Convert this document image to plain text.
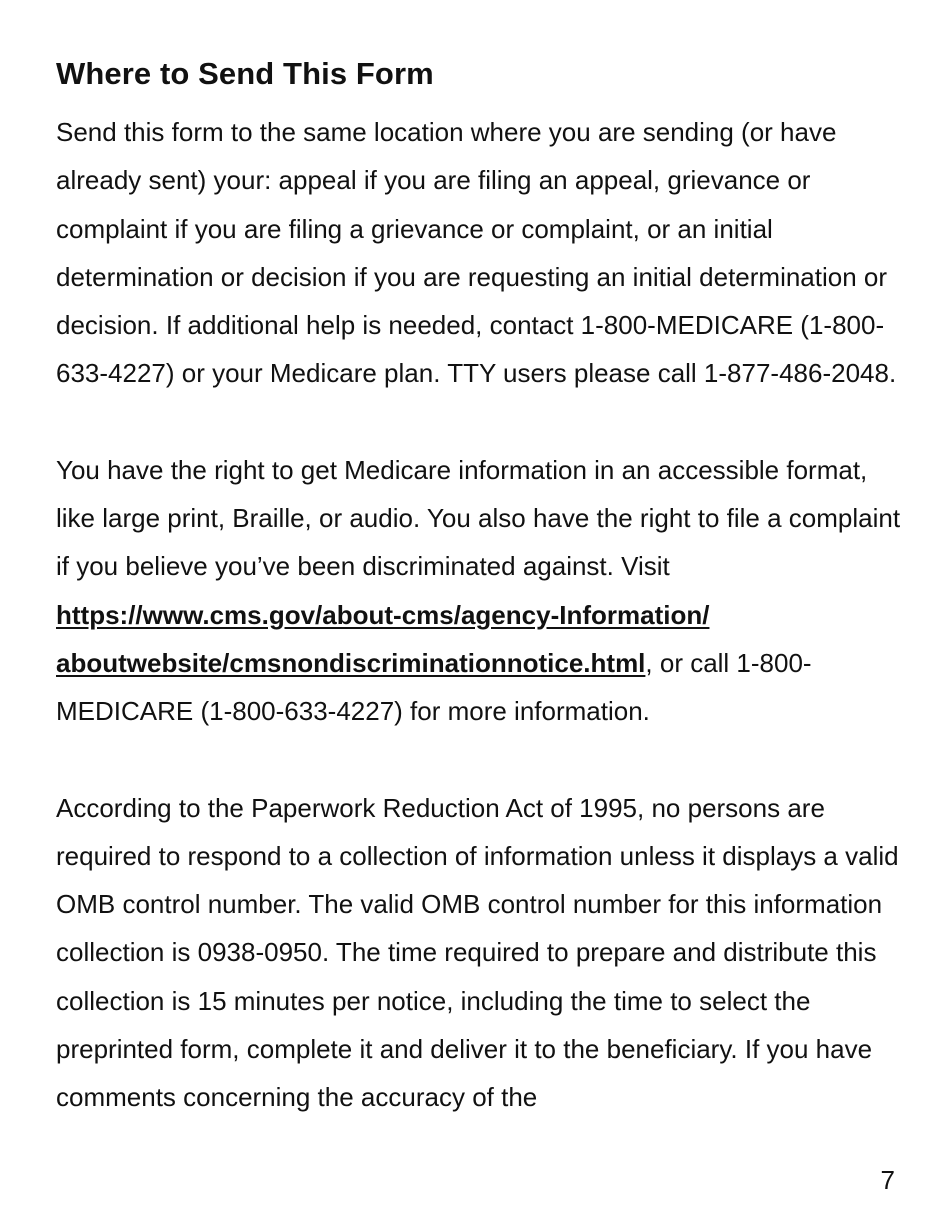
Where to Send This Form

Send this form to the same location where you are sending (or have already sent) your: appeal if you are filing an appeal, grievance or complaint if you are filing a grievance or complaint, or an initial determination or decision if you are requesting an initial determination or decision. If additional help is needed, contact 1-800-MEDICARE (1-800-633-4227) or your Medicare plan. TTY users please call 1-877-486-2048.

You have the right to get Medicare information in an accessible format, like large print, Braille, or audio. You also have the right to file a complaint if you believe you’ve been discriminated against. Visit https://www.cms.gov/about-cms/agency-Information/
aboutwebsite/cmsnondiscriminationnotice.html, or call 1-800-MEDICARE (1-800-633-4227) for more information.

According to the Paperwork Reduction Act of 1995, no persons are required to respond to a collection of information unless it displays a valid OMB control number. The valid OMB control number for this information collection is 0938-0950. The time required to prepare and distribute this collection is 15 minutes per notice, including the time to select the preprinted form, complete it and deliver it to the beneficiary. If you have comments concerning the accuracy of the

7
